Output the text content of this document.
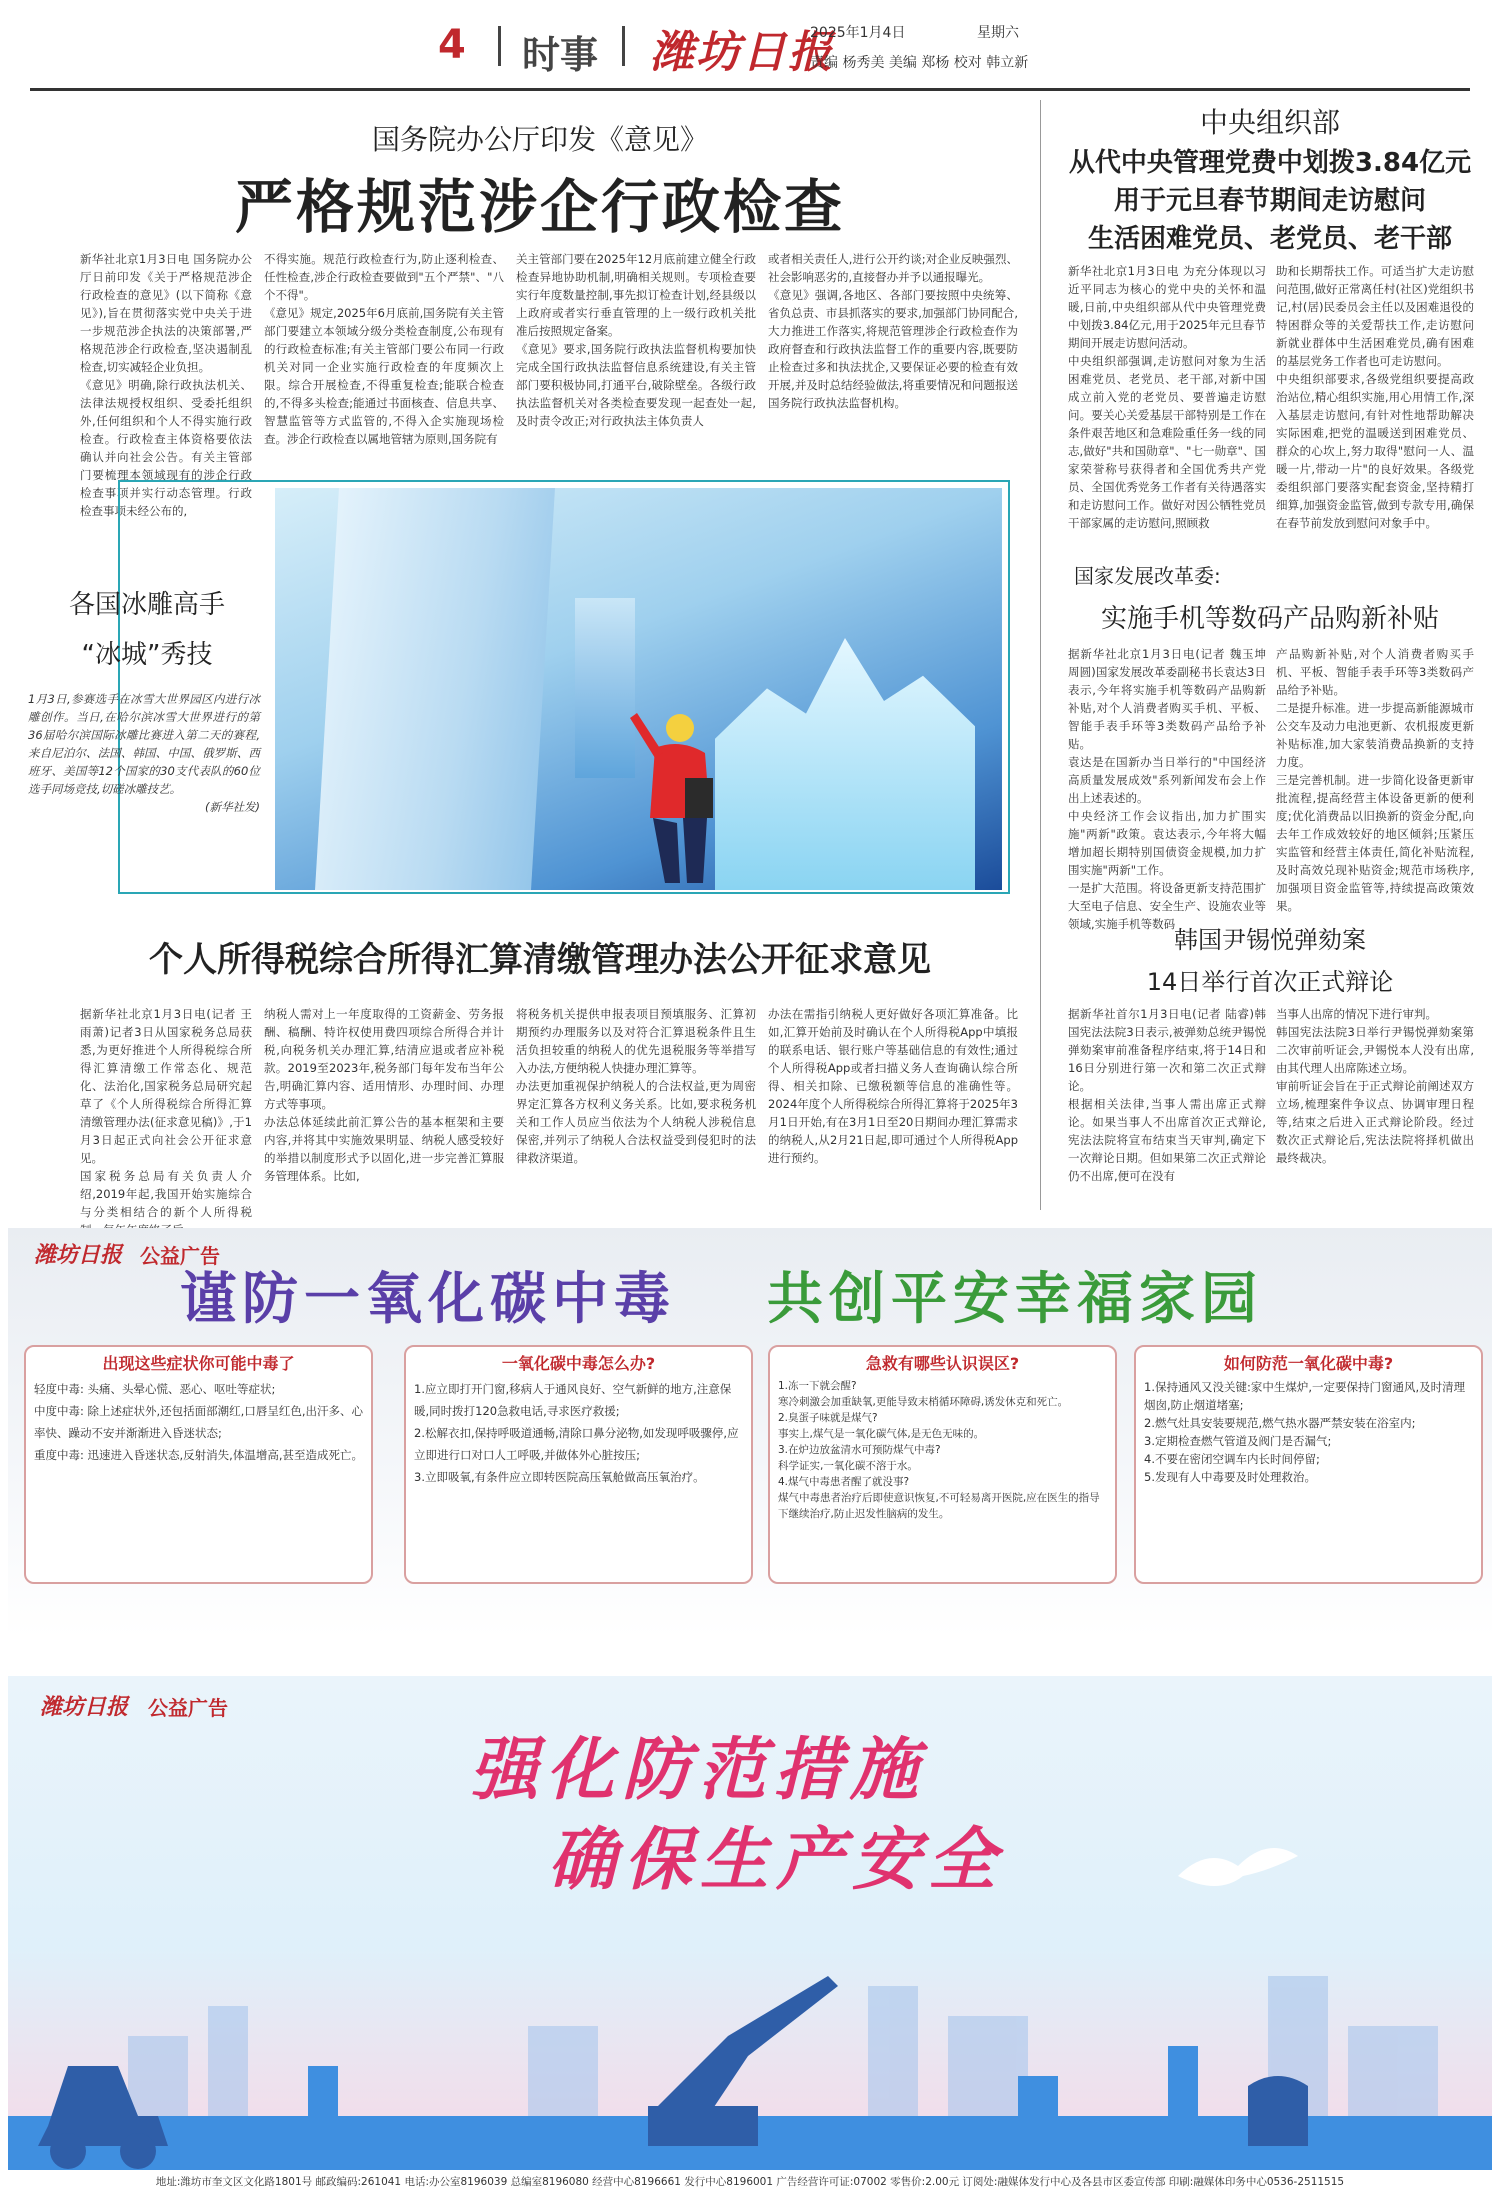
4 时事 潍坊日报
2025年1月4日	星期六
责编 杨秀美 美编 郑杨 校对 韩立新
国务院办公厅印发《意见》
严格规范涉企行政检查
新华社北京1月3日电 国务院办公厅日前印发《关于严格规范涉企行政检查的意见》(以下简称《意见》),旨在贯彻落实党中央关于进一步规范涉企执法的决策部署,严格规范涉企行政检查,坚决遏制乱检查,切实减轻企业负担。
《意见》明确,除行政执法机关、法律法规授权组织、受委托组织外,任何组织和个人不得实施行政检查。行政检查主体资格要依法确认并向社会公告。有关主管部门要梳理本领域现有的涉企行政检查事项并实行动态管理。行政检查事项未经公布的,
不得实施。规范行政检查行为,防止逐利检查、任性检查,涉企行政检查要做到"五个严禁"、"八个不得"。
《意见》规定,2025年6月底前,国务院有关主管部门要建立本领域分级分类检查制度,公布现有的行政检查标准;有关主管部门要公布同一行政机关对同一企业实施行政检查的年度频次上限。综合开展检查,不得重复检查;能联合检查的,不得多头检查;能通过书面核查、信息共享、智慧监管等方式监管的,不得入企实施现场检查。涉企行政检查以属地管辖为原则,国务院有
关主管部门要在2025年12月底前建立健全行政检查异地协助机制,明确相关规则。专项检查要实行年度数量控制,事先拟订检查计划,经县级以上政府或者实行垂直管理的上一级行政机关批准后按照规定备案。
《意见》要求,国务院行政执法监督机构要加快完成全国行政执法监督信息系统建设,有关主管部门要积极协同,打通平台,破除壁垒。各级行政执法监督机关对各类检查要发现一起查处一起,及时责令改正;对行政执法主体负责人
或者相关责任人,进行公开约谈;对企业反映强烈、社会影响恶劣的,直接督办并予以通报曝光。
《意见》强调,各地区、各部门要按照中央统筹、省负总责、市县抓落实的要求,加强部门协同配合,大力推进工作落实,将规范管理涉企行政检查作为政府督查和行政执法监督工作的重要内容,既要防止检查过多和执法扰企,又要保证必要的检查有效开展,并及时总结经验做法,将重要情况和问题报送国务院行政执法监督机构。
各国冰雕高手
“冰城”秀技
1月3日,参赛选手在冰雪大世界园区内进行冰雕创作。当日,在哈尔滨冰雪大世界进行的第36届哈尔滨国际冰雕比赛进入第二天的赛程,来自尼泊尔、法国、韩国、中国、俄罗斯、西班牙、美国等12个国家的30支代表队的60位选手同场竞技,切磋冰雕技艺。
(新华社发)
个人所得税综合所得汇算清缴管理办法公开征求意见
据新华社北京1月3日电(记者 王雨萧)记者3日从国家税务总局获悉,为更好推进个人所得税综合所得汇算清缴工作常态化、规范化、法治化,国家税务总局研究起草了《个人所得税综合所得汇算清缴管理办法(征求意见稿)》,于1月3日起正式向社会公开征求意见。
国家税务总局有关负责人介绍,2019年起,我国开始实施综合与分类相结合的新个人所得税
纳税人需对上一年度取得的工资薪金、劳务报酬、稿酬、特许权使用费四项综合所得合并计税,向税务机关办理汇算,结清应退或者应补税款。2019至2023年,税务部门每年发布当年公告,明确汇算内容、适用情形、办理时间、办理方式等事项。
办法总体延续此前汇算公告的基本框架和主要内容,并将其中实施效果明显、纳税人感受较好的举措以制度形式予以固化,进一步完善汇算服务管理体系。比如,
将税务机关提供申报表项目预填服务、汇算初期预约办理服务以及对符合汇算退税条件且生活负担较重的纳税人的优先退税服务等举措写入办法,方便纳税人快捷办理汇算等。
办法更加重视保护纳税人的合法权益,更为周密界定汇算各方权利义务关系。比如,要求税务机关和工作人员应当依法为个人纳税人涉税信息保密,并列示了纳税人合法权益受到侵犯时的法律救济渠道。
办法在需指引纳税人更好做好各项汇算准备。比如,汇算开始前及时确认在个人所得税App中填报的联系电话、银行账户等基础信息的有效性;通过个人所得税App或者扫描义务人查询确认综合所得、相关扣除、已缴税额等信息的准确性等。2024年度个人所得税综合所得汇算将于2025年3月1日开始,有在3月1日至20日期间办理汇算需求的纳税人,从2月21日起,即可通过个人所得税App进行预约。
中央组织部
从代中央管理党费中划拨3.84亿元
用于元旦春节期间走访慰问
生活困难党员、老党员、老干部
新华社北京1月3日电 为充分体现以习近平同志为核心的党中央的关怀和温暖,日前,中央组织部从代中央管理党费中划拨3.84亿元,用于2025年元旦春节期间开展走访慰问活动。
中央组织部强调,走访慰问对象为生活困难党员、老党员、老干部,对新中国成立前入党的老党员、要普遍走访慰问。要关心关爱基层干部特别是工作在条件艰苦地区和急难险重任务一线的同志,做好"共和国勋章"、"七一勋章"、国家荣誉称号获得者和全国优秀共产党员、全国优秀党务工作者有关待遇落实和走访慰问工作。做好对因公牺牲党员干部家属的走访慰问,照顾救
助和长期帮扶工作。可适当扩大走访慰问范围,做好正常离任村(社区)党组织书记,村(居)民委员会主任以及困难退役的特困群众等的关爱帮扶工作,走访慰问新就业群体中生活困难党员,确有困难的基层党务工作者也可走访慰问。
中央组织部要求,各级党组织要提高政治站位,精心组织实施,用心用情工作,深入基层走访慰问,有针对性地帮助解决实际困难,把党的温暖送到困难党员、群众的心坎上,努力取得"慰问一人、温暖一片,带动一片"的良好效果。各级党委组织部门要落实配套资金,坚持精打细算,加强资金监管,做到专款专用,确保在春节前发放到慰问对象手中。
国家发展改革委:
实施手机等数码产品购新补贴
据新华社北京1月3日电(记者 魏玉坤 周圆)国家发展改革委副秘书长袁达3日表示,今年将实施手机等数码产品购新补贴,对个人消费者购买手机、平板、智能手表手环等3类数码产品给予补贴。
袁达是在国新办当日举行的"中国经济高质量发展成效"系列新闻发布会上作出上述表述的。
中央经济工作会议指出,加力扩围实施"两新"政策。袁达表示,今年将大幅增加超长期特别国债资金规模,加力扩围实施"两新"工作。
一是扩大范围。将设备更新支持范围扩大至电子信息、安全生产、设施农业等领域,实施手机等数码
产品购新补贴,对个人消费者购买手机、平板、智能手表手环等3类数码产品给予补贴。
二是提升标准。进一步提高新能源城市公交车及动力电池更新、农机报废更新补贴标准,加大家装消费品换新的支持力度。
三是完善机制。进一步简化设备更新审批流程,提高经营主体设备更新的便利度;优化消费品以旧换新的资金分配,向去年工作成效较好的地区倾斜;压紧压实监管和经营主体责任,简化补贴流程,及时高效兑现补贴资金;规范市场秩序,加强项目资金监管等,持续提高政策效果。
韩国尹锡悦弹劾案
14日举行首次正式辩论
据新华社首尔1月3日电(记者 陆睿)韩国宪法法院3日表示,被弹劾总统尹锡悦弹劾案审前准备程序结束,将于14日和16日分别进行第一次和第二次正式辩论。
根据相关法律,当事人需出席正式辩论。如果当事人不出席首次正式辩论,宪法法院将宣布结束当天审判,确定下一次辩论日期。但如果第二次正式辩论仍不出席,便可在没有
当事人出席的情况下进行审判。
韩国宪法法院3日举行尹锡悦弹劾案第二次审前听证会,尹锡悦本人没有出席,由其代理人出席陈述立场。
审前听证会旨在于正式辩论前阐述双方立场,梳理案件争议点、协调审理日程等,结束之后进入正式辩论阶段。经过数次正式辩论后,宪法法院将择机做出最终裁决。
潍坊日报 公益广告
谨防一氧化碳中毒 共创平安幸福家园
出现这些症状你可能中毒了
轻度中毒: 头痛、头晕心慌、恶心、呕吐等症状;
中度中毒: 除上述症状外,还包括面部潮红,口唇呈红色,出汗多、心率快、躁动不安并渐渐进入昏迷状态;
重度中毒: 迅速进入昏迷状态,反射消失,体温增高,甚至造成死亡。
一氧化碳中毒怎么办?
1.应立即打开门窗,移病人于通风良好、空气新鲜的地方,注意保暖,同时拨打120急救电话,寻求医疗救援;
2.松解衣扣,保持呼吸道通畅,清除口鼻分泌物,如发现呼吸骤停,应立即进行口对口人工呼吸,并做体外心脏按压;
3.立即吸氧,有条件应立即转医院高压氧舱做高压氧治疗。
急救有哪些认识误区?
1.冻一下就会醒?
寒冷刺激会加重缺氧,更能导致末梢循环障碍,诱发休克和死亡。
2.臭蛋子味就是煤气?
事实上,煤气是一氧化碳气体,是无色无味的。
3.在炉边放盆清水可预防煤气中毒?
科学证实,一氧化碳不溶于水。
4.煤气中毒患者醒了就没事?
煤气中毒患者治疗后即使意识恢复,不可轻易离开医院,应在医生的指导下继续治疗,防止迟发性脑病的发生。
如何防范一氧化碳中毒?
1.保持通风又没关键:家中生煤炉,一定要保持门窗通风,及时清理烟囱,防止烟道堵塞;
2.燃气灶具安装要规范,燃气热水器严禁安装在浴室内;
3.定期检查燃气管道及阀门是否漏气;
4.不要在密闭空调车内长时间停留;
5.发现有人中毒要及时处理救治。
潍坊日报 公益广告
强化防范措施
确保生产安全
地址:潍坊市奎文区文化路1801号 邮政编码:261041 电话:办公室8196039 总编室8196080 经营中心8196661 发行中心8196001 广告经营许可证:07002 零售价:2.00元 订阅处:融媒体发行中心及各县市区委宣传部 印刷:融媒体印务中心0536-2511515
